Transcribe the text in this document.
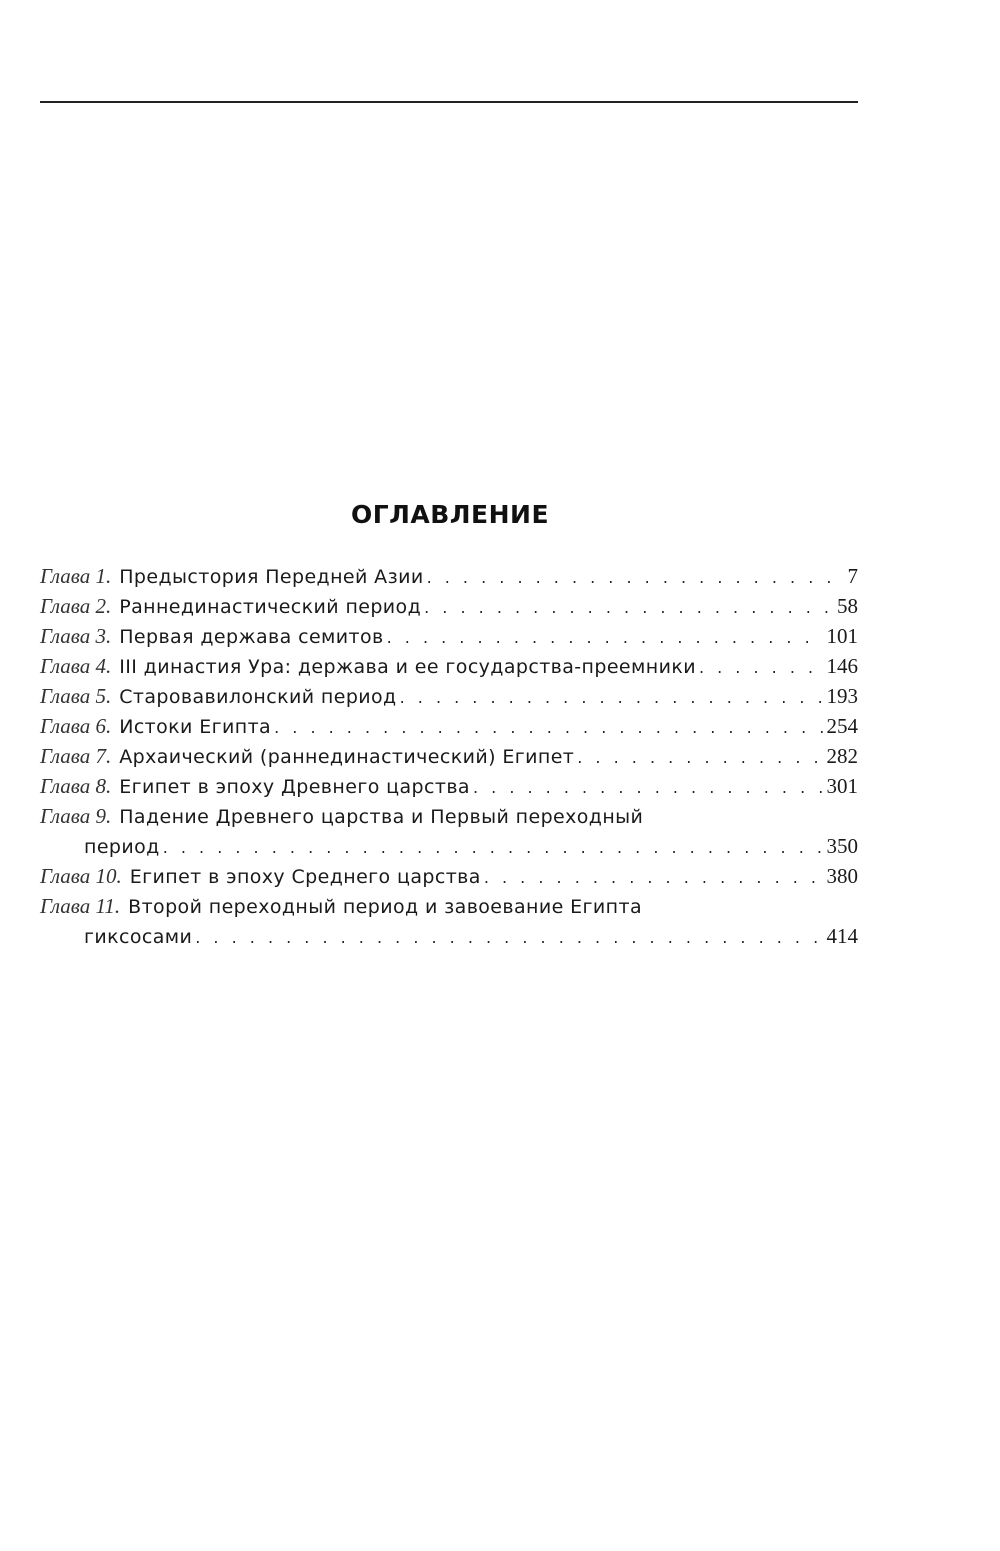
ОГЛАВЛЕНИЕ
Глава 1. Предыстория Передней Азии . . .	7
Глава 2. Раннединастический период . . .	58
Глава 3. Первая держава семитов . . .	101
Глава 4. III династия Ура: держава и ее государства-преемники . . .	146
Глава 5. Старовавилонский период . . .	193
Глава 6. Истоки Египта . . .	254
Глава 7. Архаический (раннединастический) Египет . . .	282
Глава 8. Египет в эпоху Древнего царства . . .	301
Глава 9. Падение Древнего царства и Первый переходный
период . . .	350
Глава 10. Египет в эпоху Среднего царства . . .	380
Глава 11. Второй переходный период и завоевание Египта
гиксосами . . .	414
